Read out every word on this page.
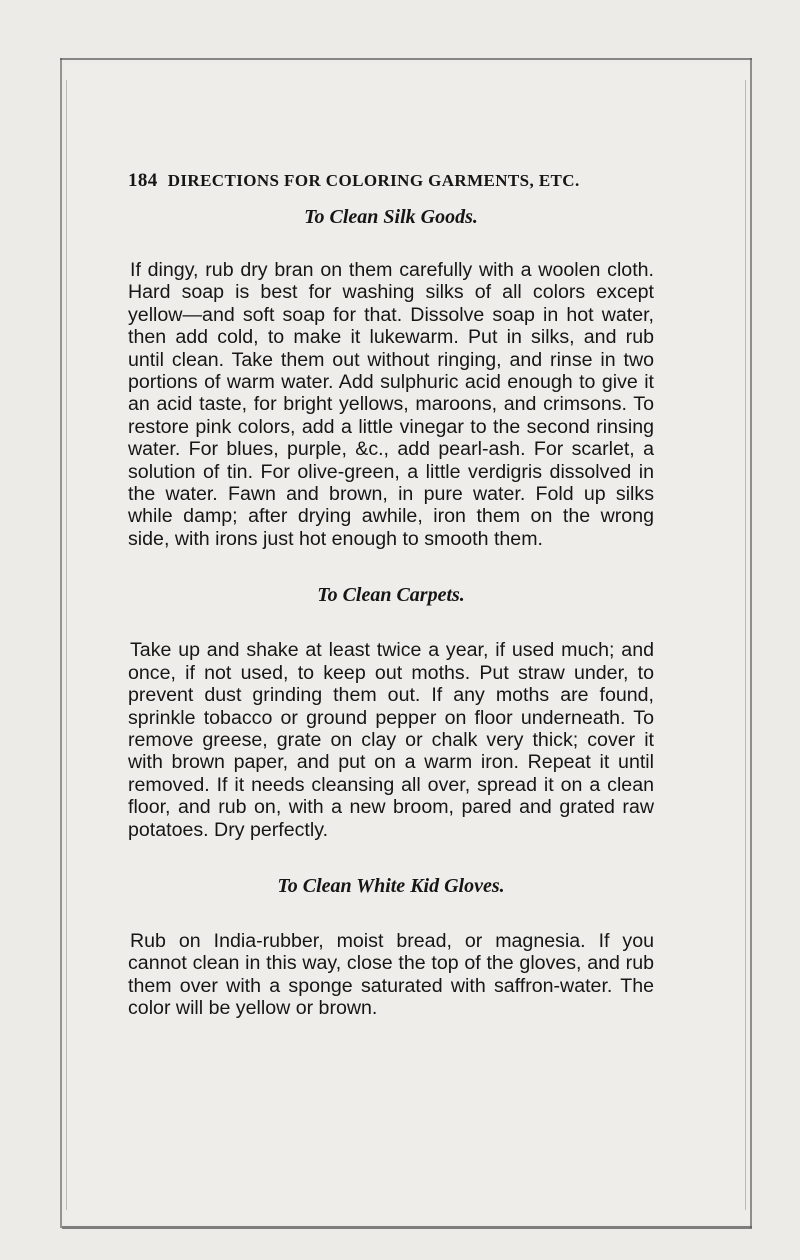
184 DIRECTIONS FOR COLORING GARMENTS, ETC.
To Clean Silk Goods.

If dingy, rub dry bran on them carefully with a woolen cloth. Hard soap is best for washing silks of all colors except yellow—and soft soap for that. Dissolve soap in hot water, then add cold, to make it lukewarm. Put in silks, and rub until clean. Take them out without ringing, and rinse in two portions of warm water. Add sulphuric acid enough to give it an acid taste, for bright yellows, maroons, and crimsons. To restore pink colors, add a little vinegar to the second rinsing water. For blues, purple, &c., add pearl-ash. For scarlet, a solution of tin. For olive-green, a little verdigris dissolved in the water. Fawn and brown, in pure water. Fold up silks while damp; after drying awhile, iron them on the wrong side, with irons just hot enough to smooth them.

To Clean Carpets.

Take up and shake at least twice a year, if used much; and once, if not used, to keep out moths. Put straw under, to prevent dust grinding them out. If any moths are found, sprinkle tobacco or ground pepper on floor underneath. To remove greese, grate on clay or chalk very thick; cover it with brown paper, and put on a warm iron. Repeat it until removed. If it needs cleansing all over, spread it on a clean floor, and rub on, with a new broom, pared and grated raw potatoes. Dry perfectly.

To Clean White Kid Gloves.

Rub on India-rubber, moist bread, or magnesia. If you cannot clean in this way, close the top of the gloves, and rub them over with a sponge saturated with saffron-water. The color will be yellow or brown.
